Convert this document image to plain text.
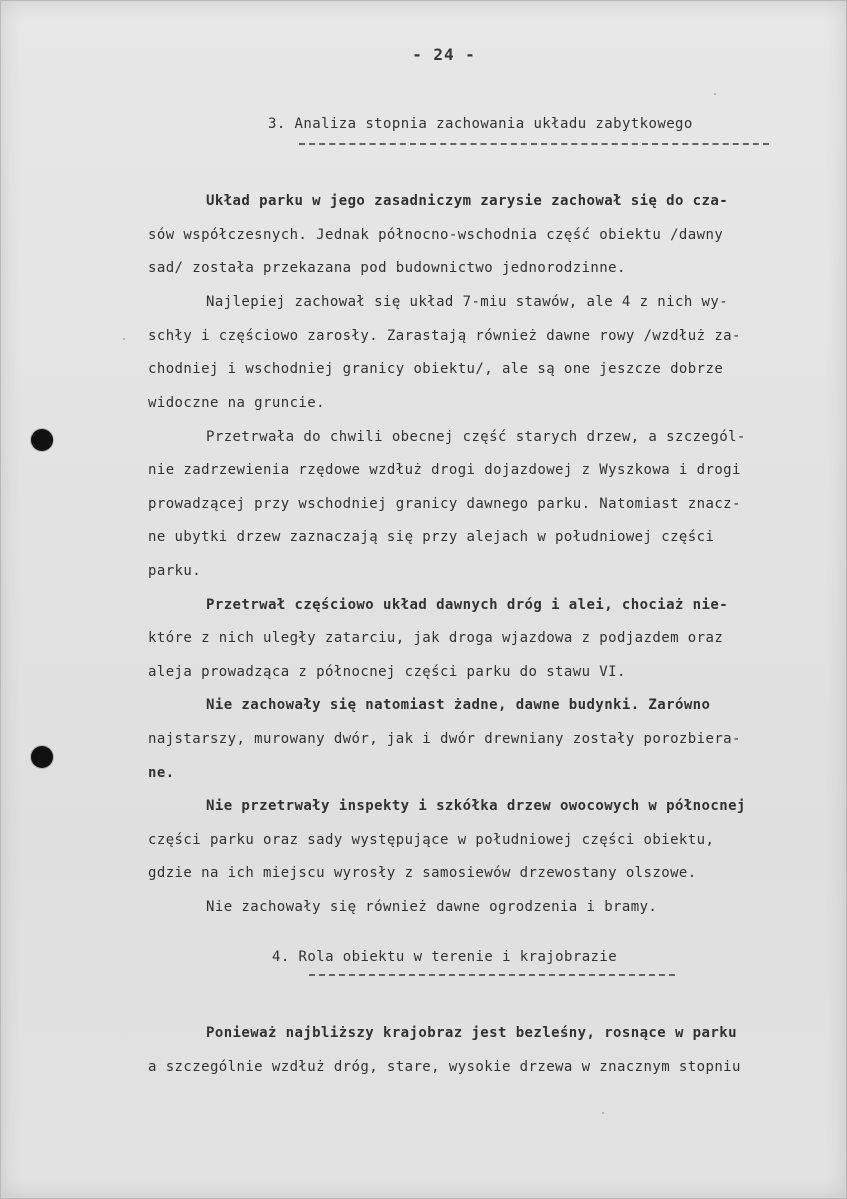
- 24 -
3. Analiza stopnia zachowania układu zabytkowego
Układ parku w jego zasadniczym zarysie zachował się do cza-
sów współczesnych. Jednak północno-wschodnia część obiektu /dawny
sad/ została przekazana pod budownictwo jednorodzinne.
Najlepiej zachował się układ 7-miu stawów, ale 4 z nich wy-
schły i częściowo zarosły. Zarastają również dawne rowy /wzdłuż za-
chodniej i wschodniej granicy obiektu/, ale są one jeszcze dobrze
widoczne na gruncie.
Przetrwała do chwili obecnej część starych drzew, a szczegól-
nie zadrzewienia rzędowe wzdłuż drogi dojazdowej z Wyszkowa i drogi
prowadzącej przy wschodniej granicy dawnego parku. Natomiast znacz-
ne ubytki drzew zaznaczają się przy alejach w południowej części
parku.
Przetrwał częściowo układ dawnych dróg i alei, chociaż nie-
które z nich uległy zatarciu, jak droga wjazdowa z podjazdem oraz
aleja prowadząca z północnej części parku do stawu VI.
Nie zachowały się natomiast żadne, dawne budynki. Zarówno
najstarszy, murowany dwór, jak i dwór drewniany zostały porozbiera-
ne.
Nie przetrwały inspekty i szkółka drzew owocowych w północnej
części parku oraz sady występujące w południowej części obiektu,
gdzie na ich miejscu wyrosły z samosiewów drzewostany olszowe.
Nie zachowały się również dawne ogrodzenia i bramy.
4. Rola obiektu w terenie i krajobrazie
Ponieważ najbliższy krajobraz jest bezleśny, rosnące w parku
a szczególnie wzdłuż dróg, stare, wysokie drzewa w znacznym stopniu
